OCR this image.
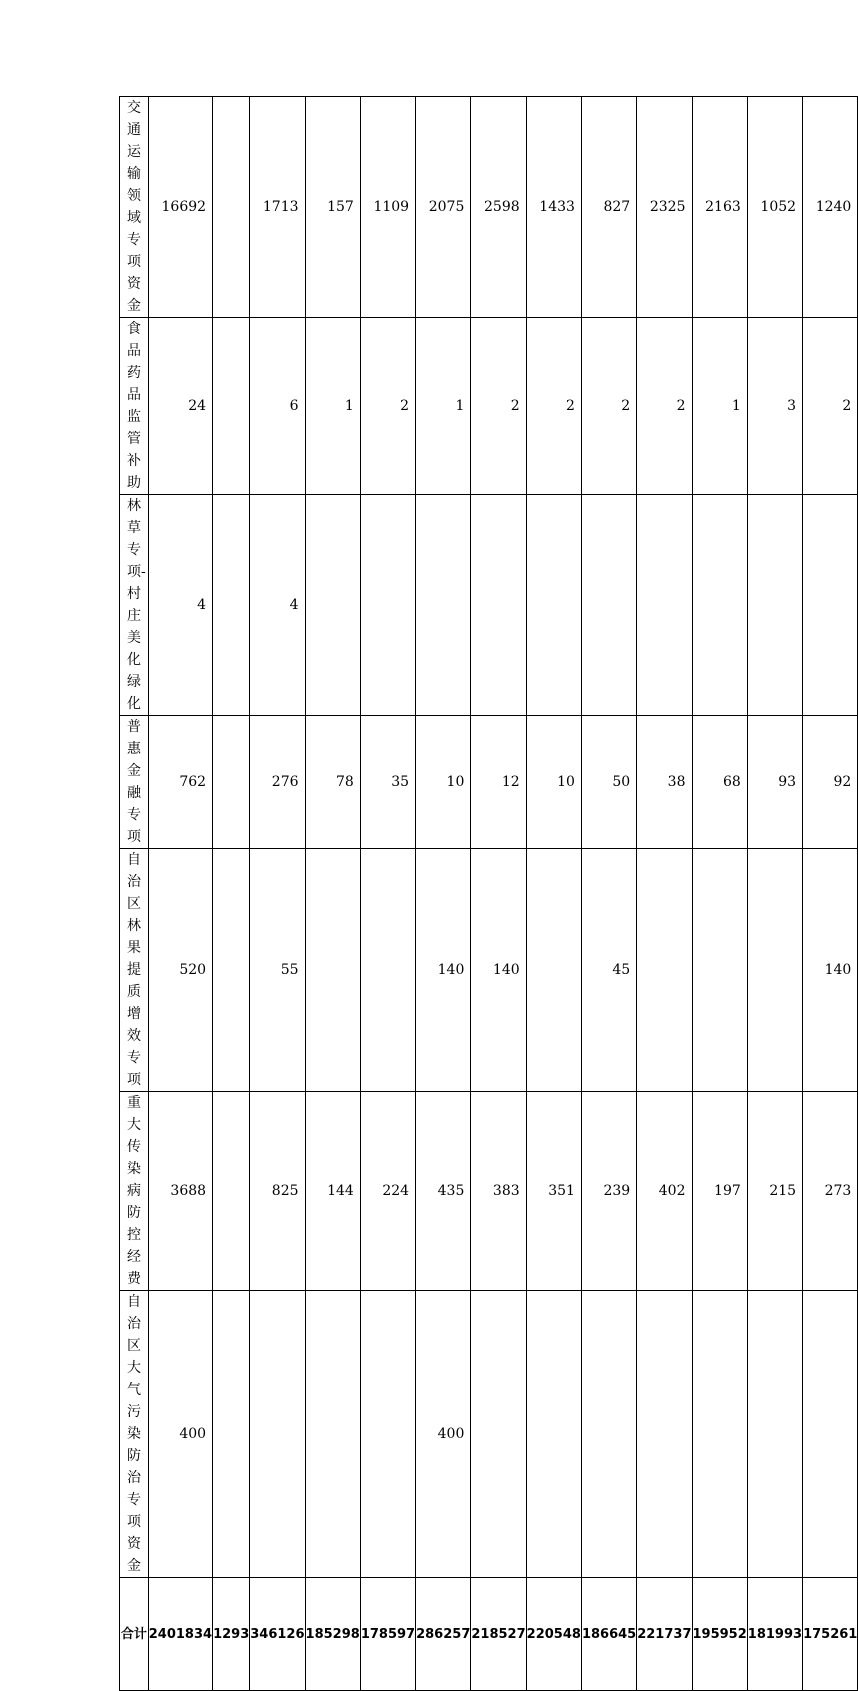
交通运输领域专项资金	16692		1713	157	1109	2075	2598	1433	827	2325	2163	1052	1240
食品药品监管补助	24		6	1	2	1	2	2	2	2	1	3	2
林草专项-村庄美化绿化	4		4										
普惠金融专项	762		276	78	35	10	12	10	50	38	68	93	92
自治区林果提质增效专项	520		55			140	140		45				140
重大传染病防控经费	3688		825	144	224	435	383	351	239	402	197	215	273
自治区大气污染防治专项资金	400					400							
合计	2401834	1293	346126	185298	178597	286257	218527	220548	186645	221737	195952	181993	175261
